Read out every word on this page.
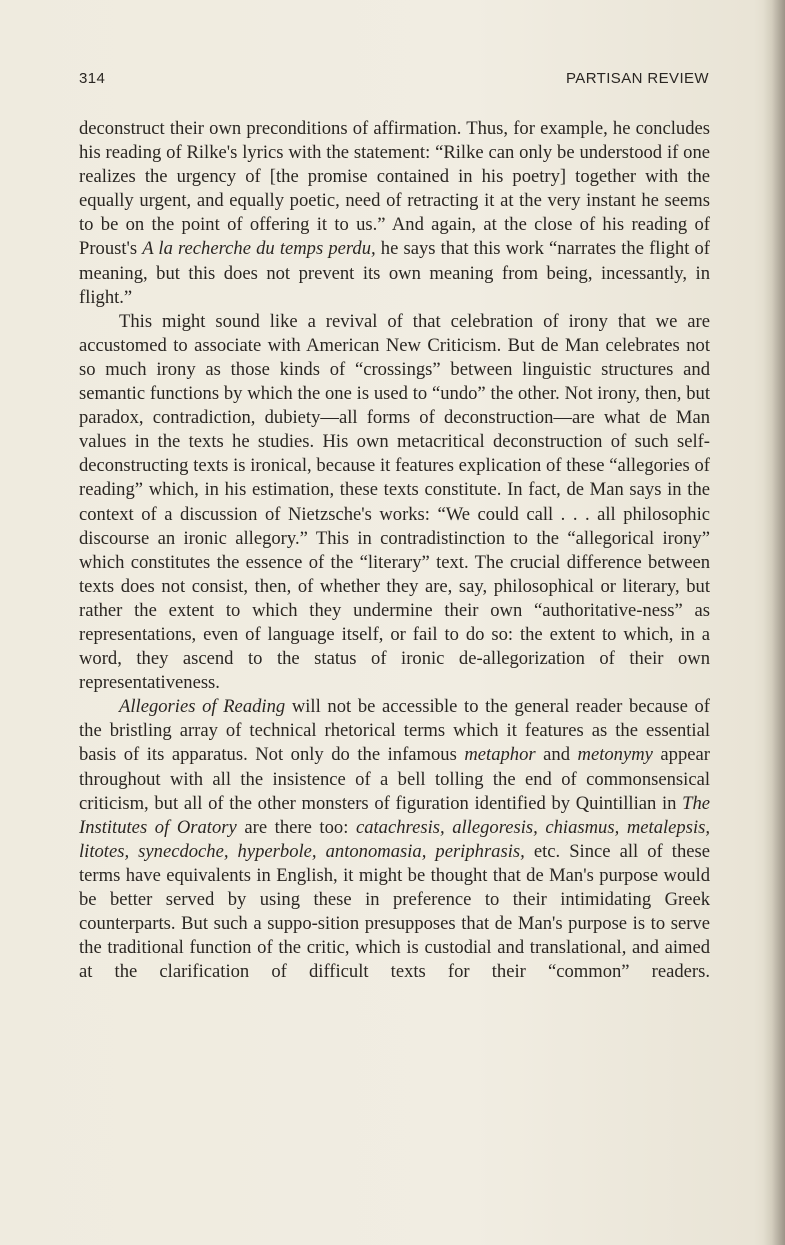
314	PARTISAN REVIEW

deconstruct their own preconditions of affirmation. Thus, for example, he concludes his reading of Rilke's lyrics with the statement: “Rilke can only be understood if one realizes the urgency of [the promise contained in his poetry] together with the equally urgent, and equally poetic, need of retracting it at the very instant he seems to be on the point of offering it to us.” And again, at the close of his reading of Proust's A la recherche du temps perdu, he says that this work “narrates the flight of meaning, but this does not prevent its own meaning from being, incessantly, in flight.”

This might sound like a revival of that celebration of irony that we are accustomed to associate with American New Criticism. But de Man celebrates not so much irony as those kinds of “crossings” between linguistic structures and semantic functions by which the one is used to “undo” the other. Not irony, then, but paradox, contradiction, dubiety—all forms of deconstruction—are what de Man values in the texts he studies. His own metacritical deconstruction of such self-deconstructing texts is ironical, because it features explication of these “allegories of reading” which, in his estimation, these texts constitute. In fact, de Man says in the context of a discussion of Nietzsche's works: “We could call . . . all philosophic discourse an ironic allegory.” This in contradistinction to the “allegorical irony” which constitutes the essence of the “literary” text. The crucial difference between texts does not consist, then, of whether they are, say, philosophical or literary, but rather the extent to which they undermine their own “authoritative-ness” as representations, even of language itself, or fail to do so: the extent to which, in a word, they ascend to the status of ironic de-allegorization of their own representativeness.

Allegories of Reading will not be accessible to the general reader because of the bristling array of technical rhetorical terms which it features as the essential basis of its apparatus. Not only do the infamous metaphor and metonymy appear throughout with all the insistence of a bell tolling the end of commonsensical criticism, but all of the other monsters of figuration identified by Quintillian in The Institutes of Oratory are there too: catachresis, allegoresis, chiasmus, metalepsis, litotes, synecdoche, hyperbole, antonomasia, periphrasis, etc. Since all of these terms have equivalents in English, it might be thought that de Man's purpose would be better served by using these in preference to their intimidating Greek counterparts. But such a suppo-sition presupposes that de Man's purpose is to serve the traditional function of the critic, which is custodial and translational, and aimed at the clarification of difficult texts for their “common” readers.
